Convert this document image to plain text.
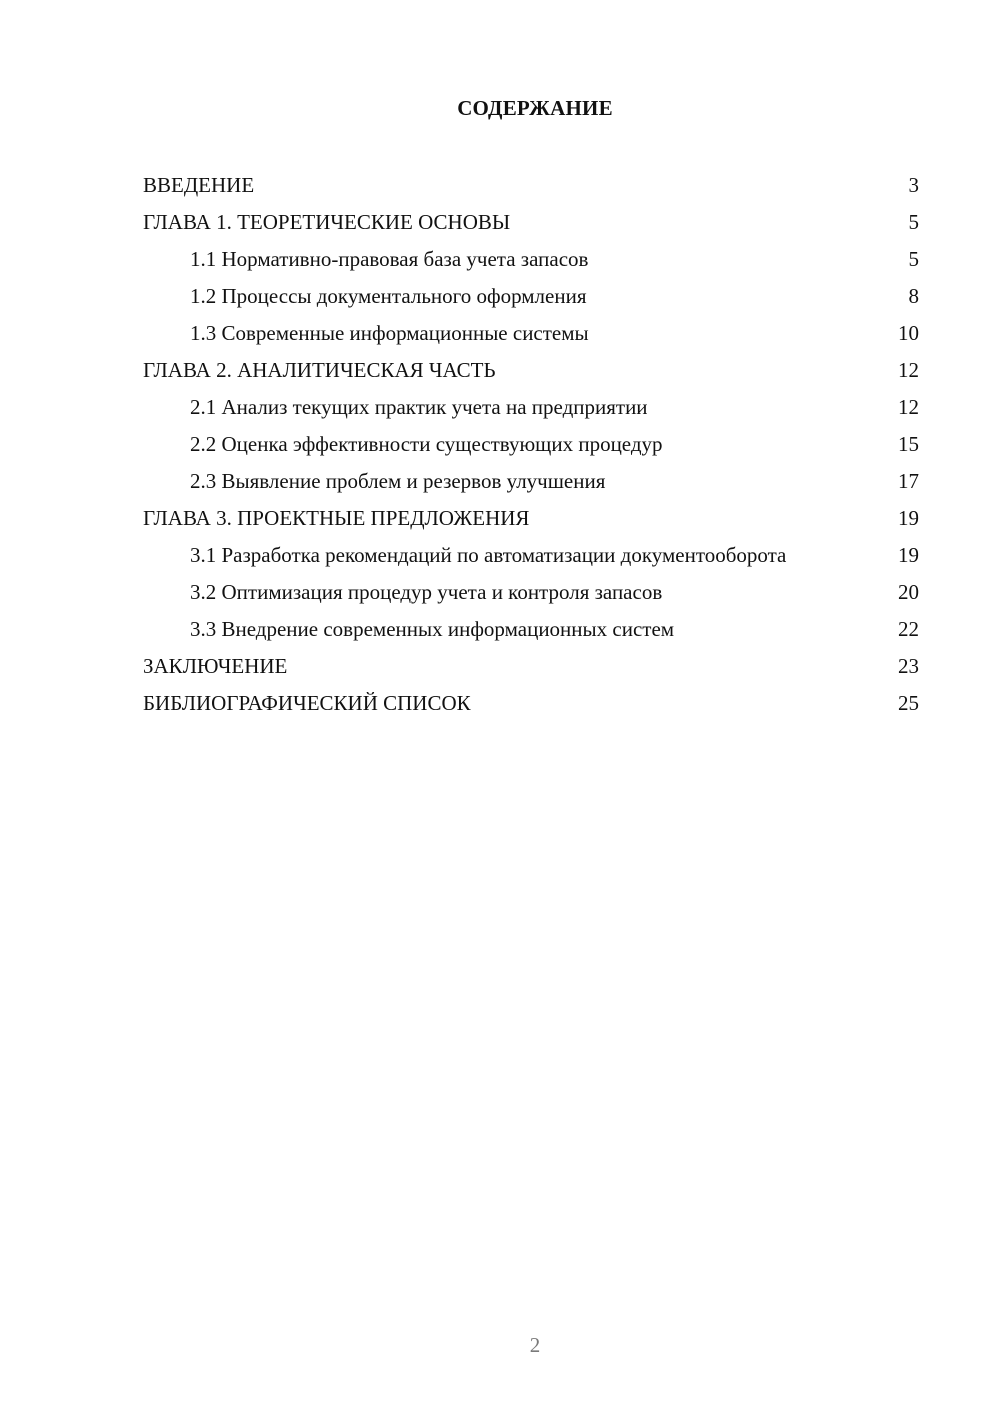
СОДЕРЖАНИЕ
ВВЕДЕНИЕ	3
ГЛАВА 1. ТЕОРЕТИЧЕСКИЕ ОСНОВЫ	5
1.1 Нормативно-правовая база учета запасов	5
1.2 Процессы документального оформления	8
1.3 Современные информационные системы	10
ГЛАВА 2. АНАЛИТИЧЕСКАЯ ЧАСТЬ	12
2.1 Анализ текущих практик учета на предприятии	12
2.2 Оценка эффективности существующих процедур	15
2.3 Выявление проблем и резервов улучшения	17
ГЛАВА 3. ПРОЕКТНЫЕ ПРЕДЛОЖЕНИЯ	19
3.1 Разработка рекомендаций по автоматизации документооборота	19
3.2 Оптимизация процедур учета и контроля запасов	20
3.3 Внедрение современных информационных систем	22
ЗАКЛЮЧЕНИЕ	23
БИБЛИОГРАФИЧЕСКИЙ СПИСОК	25
2
